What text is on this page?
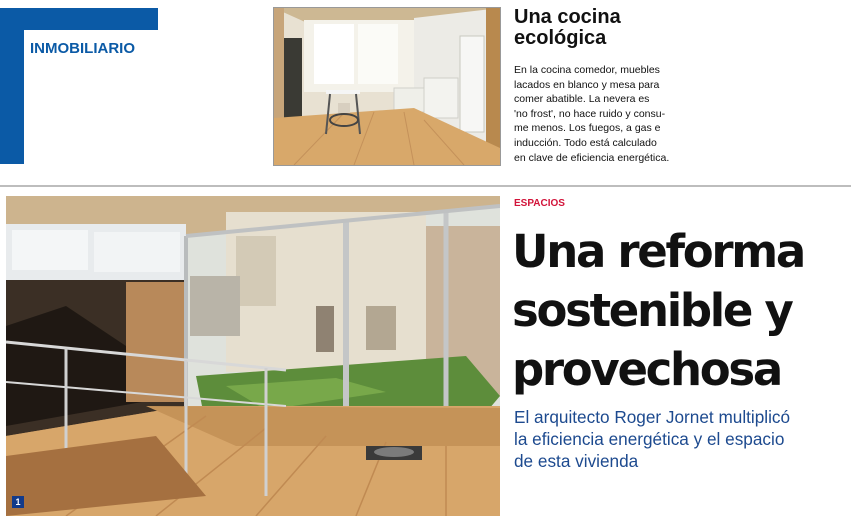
INMOBILIARIO
Una cocina
ecológica
En la cocina comedor, muebles
lacados en blanco y mesa para
comer abatible. La nevera es
'no frost', no hace ruido y consu-
me menos. Los fuegos, a gas e
inducción. Todo está calculado
en clave de eficiencia energética.
1
ESPACIOS
Una reforma
sostenible y
provechosa
El arquitecto Roger Jornet multiplicó
la eficiencia energética y el espacio
de esta vivienda
